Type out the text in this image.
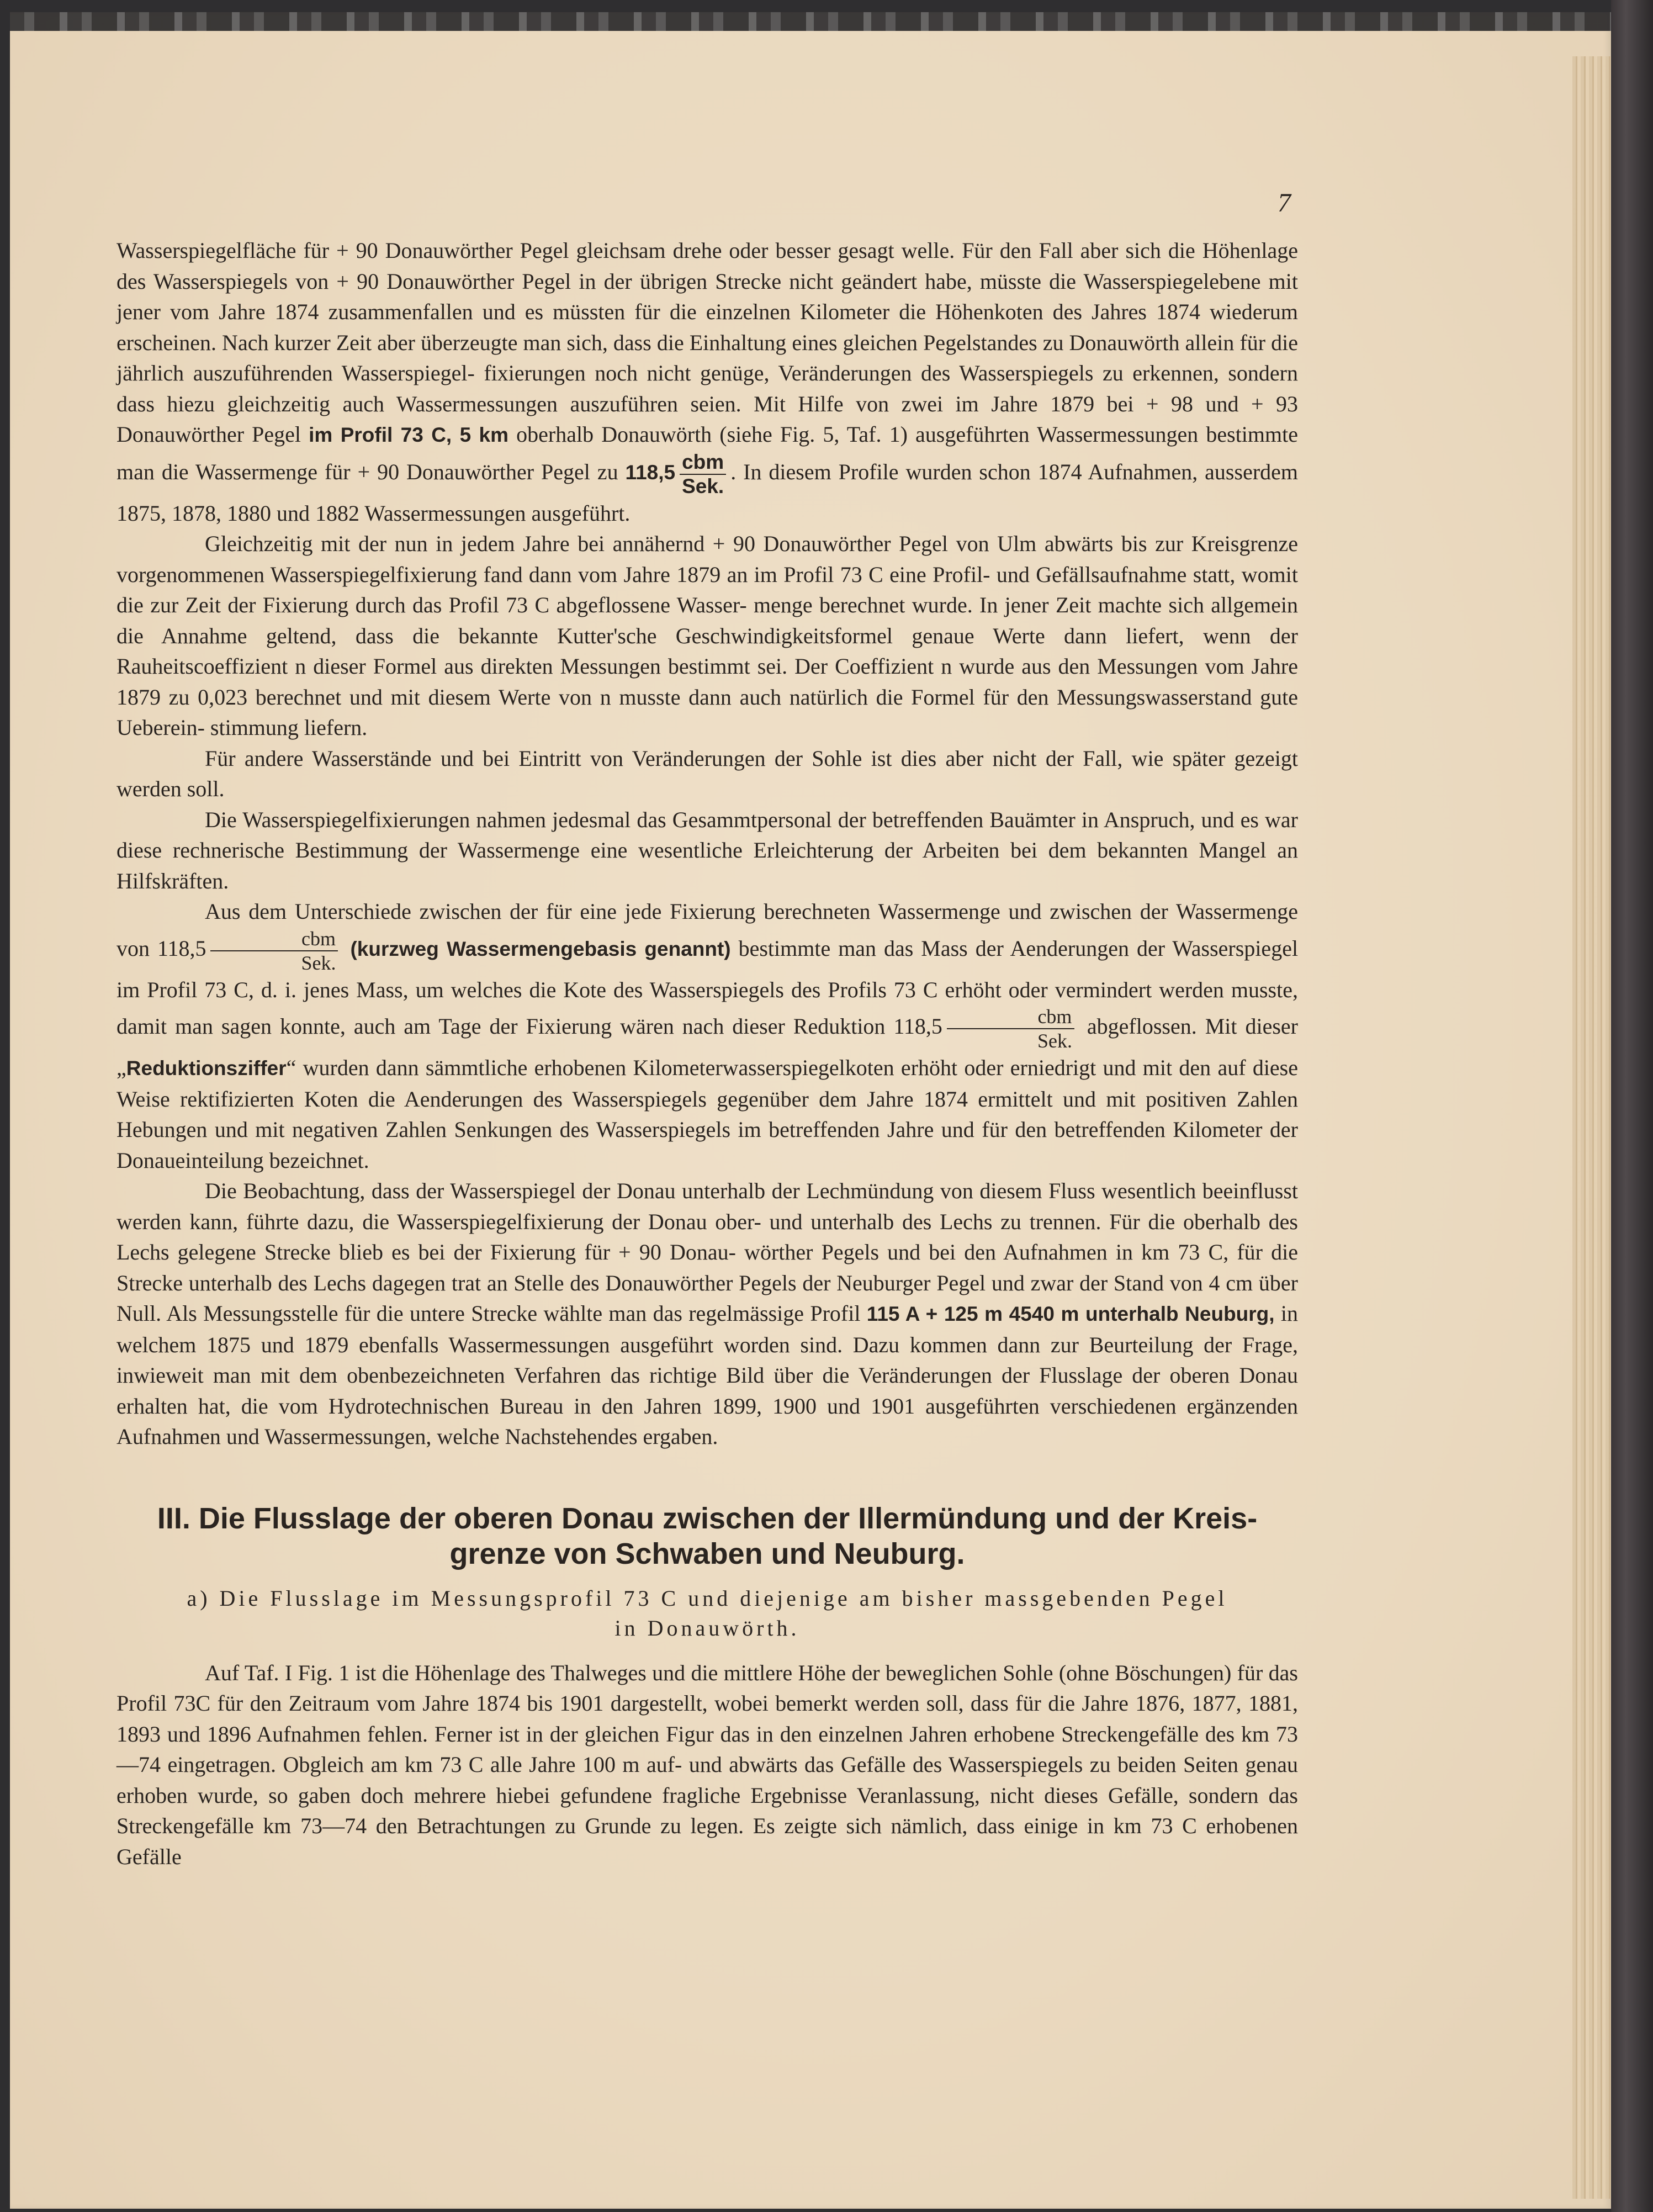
7

Wasserspiegelfläche für + 90 Donauwörther Pegel gleichsam drehe oder besser gesagt welle. Für den Fall aber sich die Höhenlage des Wasserspiegels von + 90 Donauwörther Pegel in der übrigen Strecke nicht geändert habe, müsste die Wasserspiegelebene mit jener vom Jahre 1874 zusammenfallen und es müssten für die einzelnen Kilometer die Höhenkoten des Jahres 1874 wiederum erscheinen. Nach kurzer Zeit aber überzeugte man sich, dass die Einhaltung eines gleichen Pegelstandes zu Donauwörth allein für die jährlich auszuführenden Wasserspiegel- fixierungen noch nicht genüge, Veränderungen des Wasserspiegels zu erkennen, sondern dass hiezu gleichzeitig auch Wassermessungen auszuführen seien. Mit Hilfe von zwei im Jahre 1879 bei + 98 und + 93 Donauwörther Pegel im Profil 73 C, 5 km oberhalb Donauwörth (siehe Fig. 5, Taf. 1) ausgeführten Wassermessungen bestimmte man die Wassermenge für + 90 Donauwörther Pegel zu $118,5 \frac{\text{cbm}}{\text{Sek.}}$ . In diesem Profile wurden schon 1874 Aufnahmen, ausserdem 1875, 1878, 1880 und 1882 Wassermessungen ausgeführt.

Gleichzeitig mit der nun in jedem Jahre bei annähernd + 90 Donauwörther Pegel von Ulm abwärts bis zur Kreisgrenze vorgenommenen Wasserspiegelfixierung fand dann vom Jahre 1879 an im Profil 73 C eine Profil- und Gefällsaufnahme statt, womit die zur Zeit der Fixierung durch das Profil 73 C abgeflossene Wasser- menge berechnet wurde. In jener Zeit machte sich allgemein die Annahme geltend, dass die bekannte Kutter'sche Geschwindigkeitsformel genaue Werte dann liefert, wenn der Rauheitscoeffizient n dieser Formel aus direkten Messungen bestimmt sei. Der Coeffizient n wurde aus den Messungen vom Jahre 1879 zu 0,023 berechnet und mit diesem Werte von n musste dann auch natürlich die Formel für den Messungswasserstand gute Ueberein- stimmung liefern.

Für andere Wasserstände und bei Eintritt von Veränderungen der Sohle ist dies aber nicht der Fall, wie später gezeigt werden soll.

Die Wasserspiegelfixierungen nahmen jedesmal das Gesammtpersonal der betreffenden Bauämter in Anspruch, und es war diese rechnerische Bestimmung der Wassermenge eine wesentliche Erleichterung der Arbeiten bei dem bekannten Mangel an Hilfskräften.

Aus dem Unterschiede zwischen der für eine jede Fixierung berechneten Wassermenge und zwischen der Wassermenge von $118,5 \frac{\text{cbm}}{\text{Sek.}}$ (kurzweg Wassermengebasis genannt) bestimmte man das Mass der Aenderungen der Wasserspiegel im Profil 73 C, d. i. jenes Mass, um welches die Kote des Wasserspiegels des Profils 73 C erhöht oder vermindert werden musste, damit man sagen konnte, auch am Tage der Fixierung wären nach dieser Reduktion $118,5 \frac{\text{cbm}}{\text{Sek.}}$ abgeflossen. Mit dieser „Reduktionsziffer“ wurden dann sämmtliche erhobenen Kilometerwasserspiegelkoten erhöht oder erniedrigt und mit den auf diese Weise rektifizierten Koten die Aenderungen des Wasserspiegels gegenüber dem Jahre 1874 ermittelt und mit positiven Zahlen Hebungen und mit negativen Zahlen Senkungen des Wasserspiegels im betreffenden Jahre und für den betreffenden Kilometer der Donaueinteilung bezeichnet.

Die Beobachtung, dass der Wasserspiegel der Donau unterhalb der Lechmündung von diesem Fluss wesentlich beeinflusst werden kann, führte dazu, die Wasserspiegelfixierung der Donau ober- und unterhalb des Lechs zu trennen. Für die oberhalb des Lechs gelegene Strecke blieb es bei der Fixierung für + 90 Donau- wörther Pegels und bei den Aufnahmen in km 73 C, für die Strecke unterhalb des Lechs dagegen trat an Stelle des Donauwörther Pegels der Neuburger Pegel und zwar der Stand von 4 cm über Null. Als Messungsstelle für die untere Strecke wählte man das regelmässige Profil 115 A + 125 m 4540 m unterhalb Neuburg, in welchem 1875 und 1879 ebenfalls Wassermessungen ausgeführt worden sind. Dazu kommen dann zur Beurteilung der Frage, inwieweit man mit dem obenbezeichneten Verfahren das richtige Bild über die Veränderungen der Flusslage der oberen Donau erhalten hat, die vom Hydrotechnischen Bureau in den Jahren 1899, 1900 und 1901 ausgeführten verschiedenen ergänzenden Aufnahmen und Wassermessungen, welche Nachstehendes ergaben.

III. Die Flusslage der oberen Donau zwischen der Illermündung und der Kreis-
grenze von Schwaben und Neuburg.
a) Die Flusslage im Messungsprofil 73 C und diejenige am bisher massgebenden Pegel
in Donauwörth.

Auf Taf. I Fig. 1 ist die Höhenlage des Thalweges und die mittlere Höhe der beweglichen Sohle (ohne Böschungen) für das Profil 73C für den Zeitraum vom Jahre 1874 bis 1901 dargestellt, wobei bemerkt werden soll, dass für die Jahre 1876, 1877, 1881, 1893 und 1896 Aufnahmen fehlen. Ferner ist in der gleichen Figur das in den einzelnen Jahren erhobene Streckengefälle des km 73—74 eingetragen. Obgleich am km 73 C alle Jahre 100 m auf- und abwärts das Gefälle des Wasserspiegels zu beiden Seiten genau erhoben wurde, so gaben doch mehrere hiebei gefundene fragliche Ergebnisse Veranlassung, nicht dieses Gefälle, sondern das Streckengefälle km 73—74 den Betrachtungen zu Grunde zu legen. Es zeigte sich nämlich, dass einige in km 73 C erhobenen Gefälle
